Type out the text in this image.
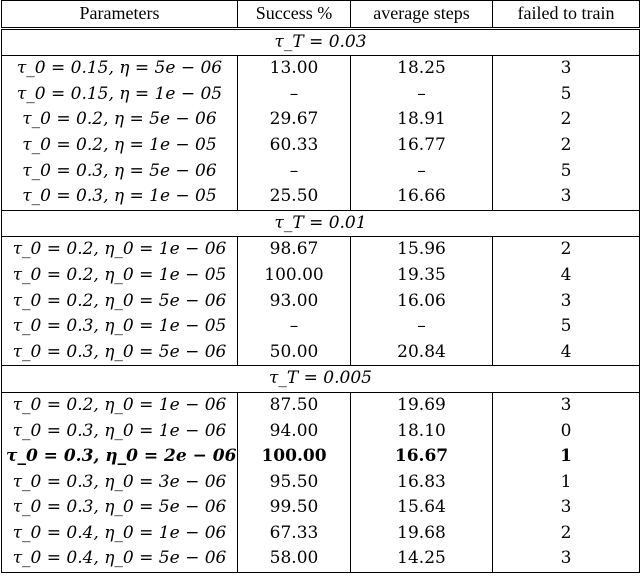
Parameters	Success %	average steps	failed to train
τ_T = 0.03			
τ_0 = 0.15, η = 5e − 06	13.00	18.25	3
τ_0 = 0.15, η = 1e − 05	–	–	5
τ_0 = 0.2, η = 5e − 06	29.67	18.91	2
τ_0 = 0.2, η = 1e − 05	60.33	16.77	2
τ_0 = 0.3, η = 5e − 06	–	–	5
τ_0 = 0.3, η = 1e − 05	25.50	16.66	3
τ_T = 0.01			
τ_0 = 0.2, η_0 = 1e − 06	98.67	15.96	2
τ_0 = 0.2, η_0 = 1e − 05	100.00	19.35	4
τ_0 = 0.2, η_0 = 5e − 06	93.00	16.06	3
τ_0 = 0.3, η_0 = 1e − 05	–	–	5
τ_0 = 0.3, η_0 = 5e − 06	50.00	20.84	4
τ_T = 0.005			
τ_0 = 0.2, η_0 = 1e − 06	87.50	19.69	3
τ_0 = 0.3, η_0 = 1e − 06	94.00	18.10	0
τ_0 = 0.3, η_0 = 2e − 06	100.00	16.67	1
τ_0 = 0.3, η_0 = 3e − 06	95.50	16.83	1
τ_0 = 0.3, η_0 = 5e − 06	99.50	15.64	3
τ_0 = 0.4, η_0 = 1e − 06	67.33	19.68	2
τ_0 = 0.4, η_0 = 5e − 06	58.00	14.25	3
